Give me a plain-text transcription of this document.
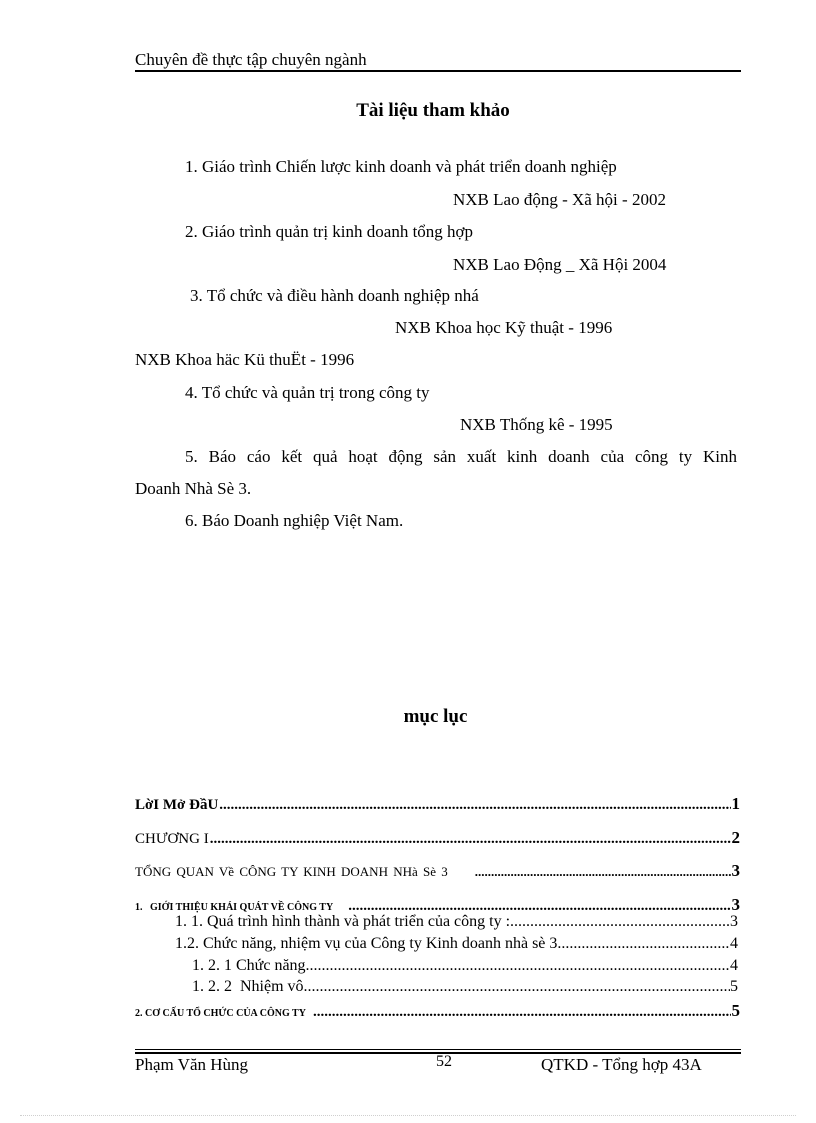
Chuyên đề thực tập chuyên ngành
Tài liệu tham khảo
1. Giáo trình Chiến lược kinh doanh và phát triển doanh nghiệp
NXB Lao động - Xã hội - 2002
2. Giáo trình quản trị kinh doanh tổng hợp
NXB Lao Động _ Xã Hội 2004
3. Tổ chức và điều hành doanh nghiệp nhá
NXB Khoa học Kỹ thuật - 1996
NXB Khoa häc Kü thuËt - 1996
4. Tổ chức và quản trị trong công ty
NXB Thống kê - 1995
5. Báo cáo kết quả hoạt động sản xuất kinh doanh của công ty Kinh
Doanh Nhà Sè 3.
6. Báo Doanh nghiệp Việt Nam.
mục lục
LờI Mở ĐầU .....	1
CHƯƠNG I .....	2
TỔNG QUAN Về CÔNG TY KINH DOANH NHà Sè 3 .....	3
1.   GIỚI THIỆU KHÁI QUÁT VỀ CÔNG TY .....	3
1. 1. Quá trình hình thành và phát triển của công ty : .....	3
1.2. Chức năng, nhiệm vụ của Công ty Kinh doanh nhà sè 3 .....	4
1. 2. 1 Chức năng .....	4
1. 2. 2  Nhiệm vô .....	5
2. CƠ CẤU TỔ CHỨC CỦA CÔNG TY .....	5
Phạm Văn Hùng	52	QTKD - Tổng hợp 43A
